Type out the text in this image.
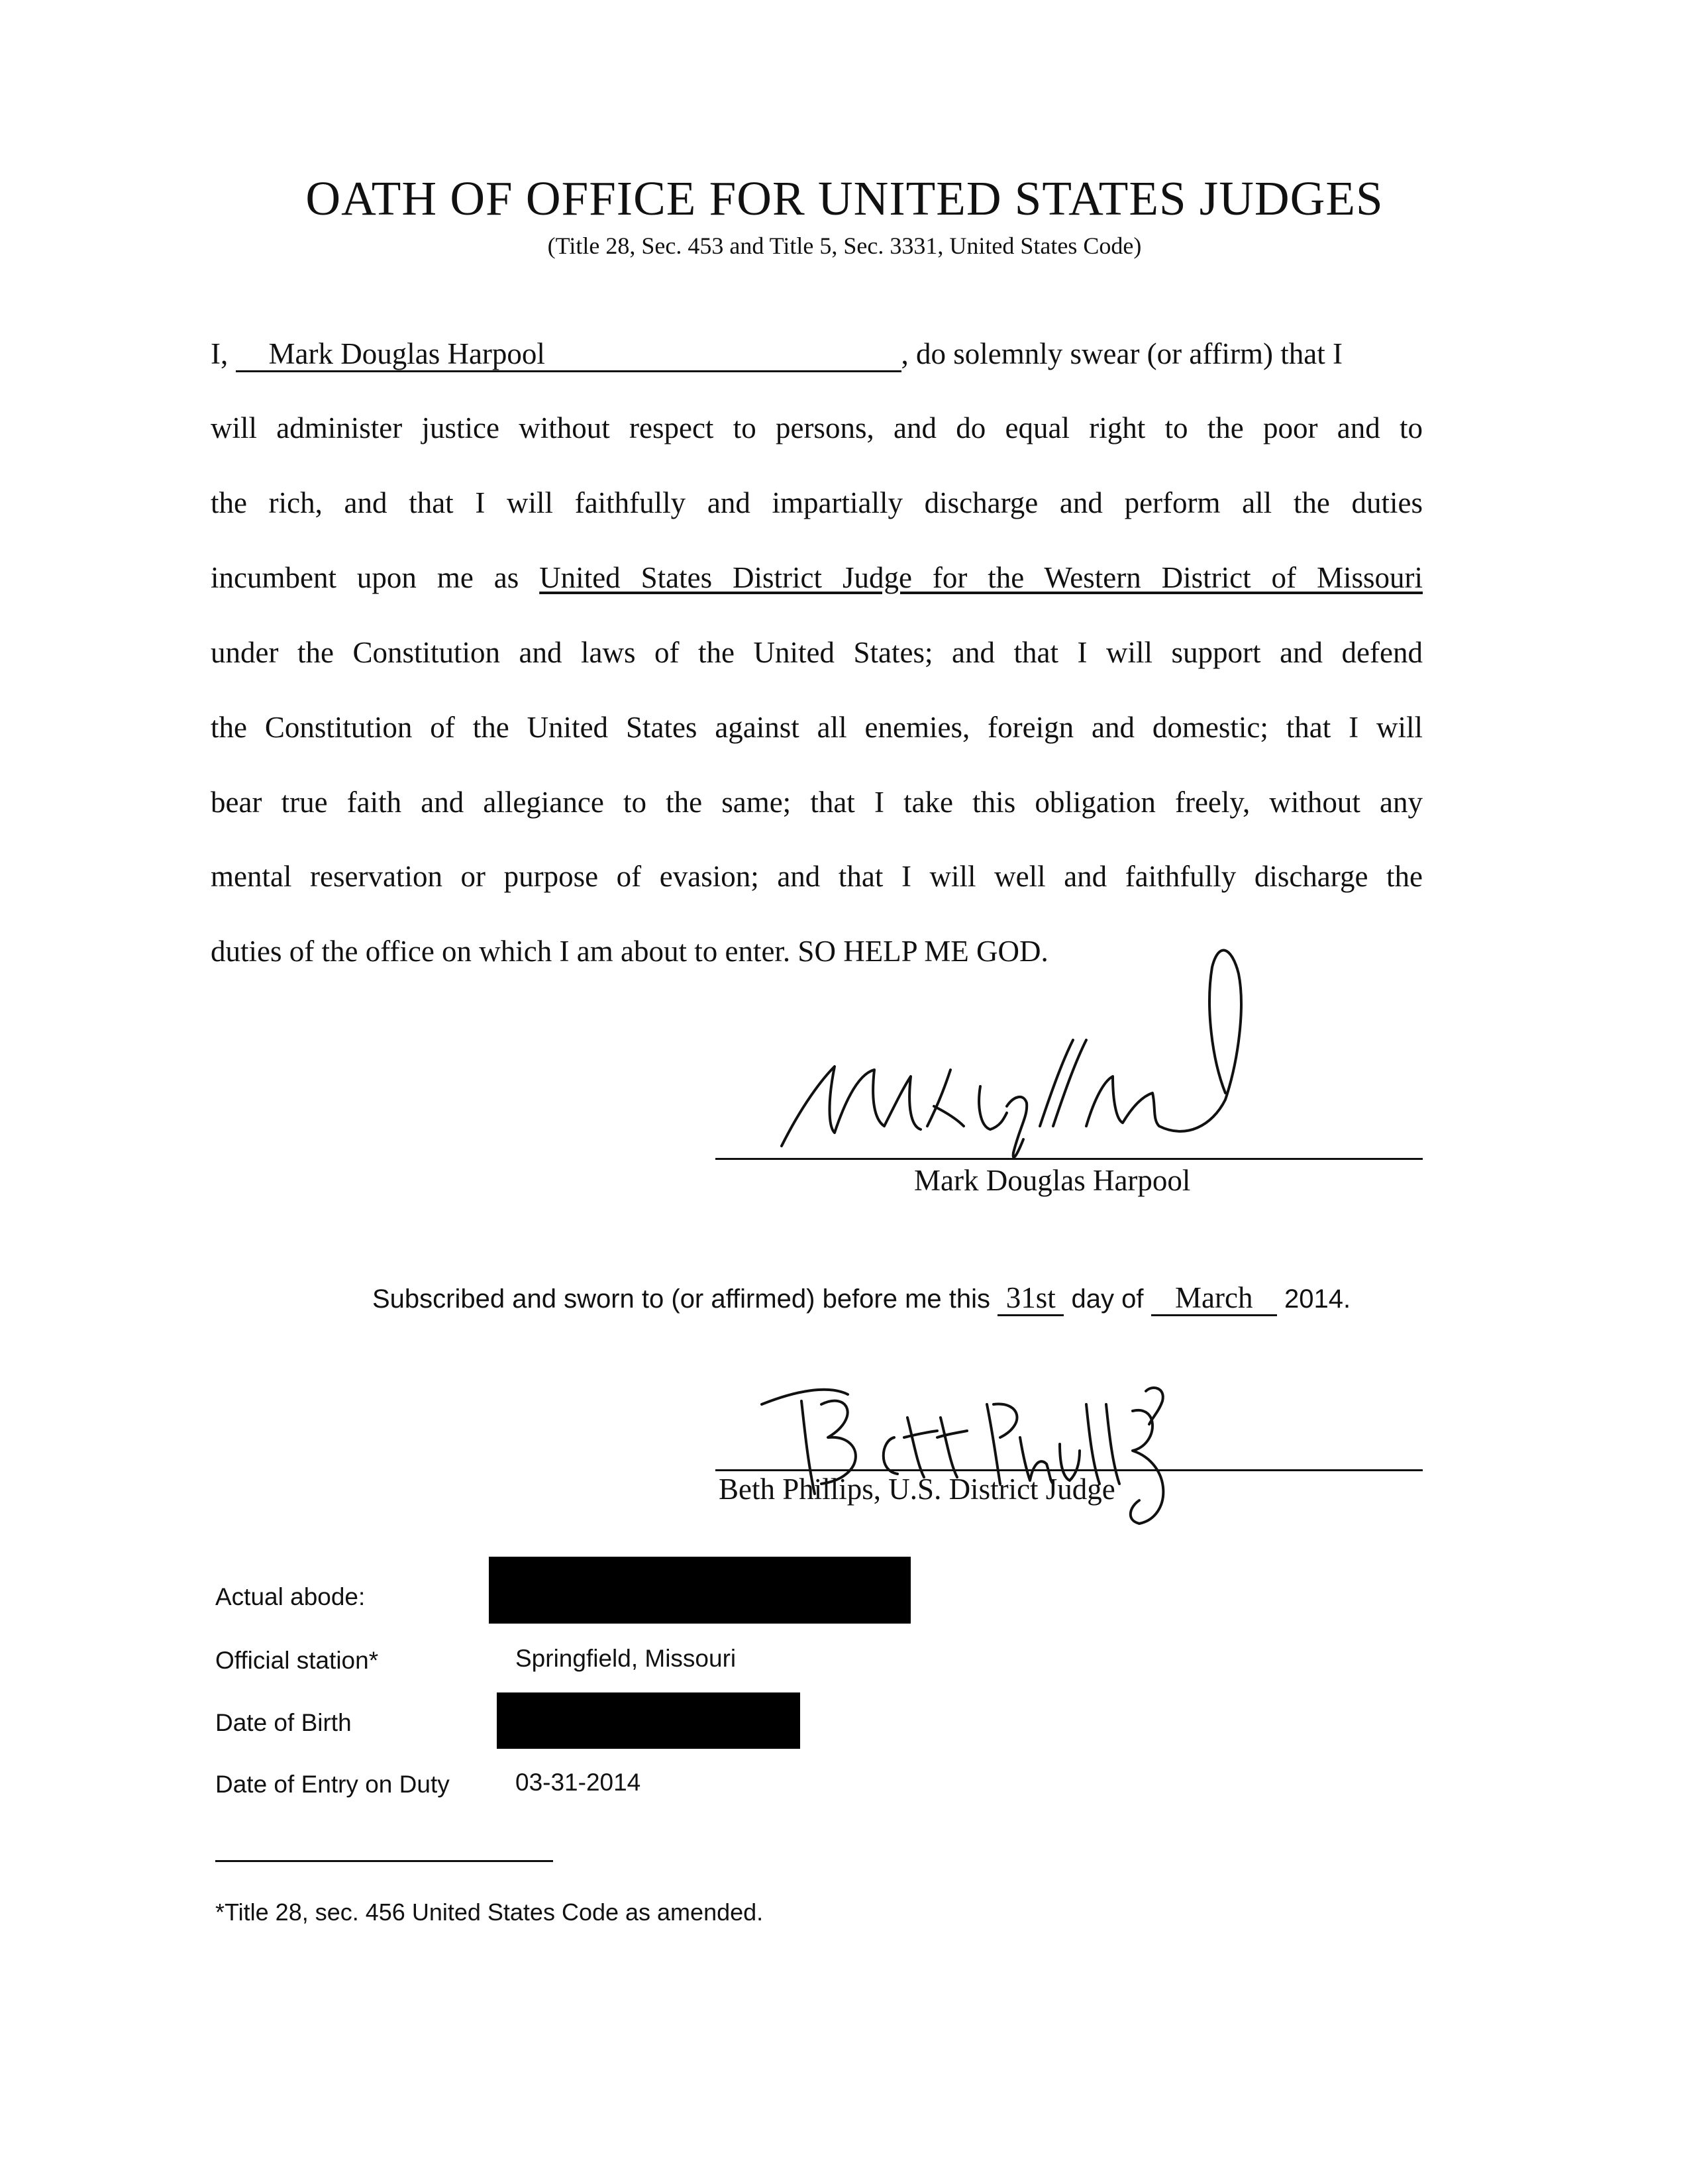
OATH OF OFFICE FOR UNITED STATES JUDGES
(Title 28, Sec. 453 and Title 5, Sec. 3331, United States Code)
I, Mark Douglas Harpool	, do solemnly swear (or affirm) that I
will administer justice without respect to persons, and do equal right to the poor and to
the rich, and that I will faithfully and impartially discharge and perform all the duties
incumbent upon me as United States District Judge for the Western District of Missouri
under the Constitution and laws of the United States; and that I will support and defend
the Constitution of the United States against all enemies, foreign and domestic; that I will
bear true faith and allegiance to the same; that I take this obligation freely, without any
mental reservation or purpose of evasion; and that I will well and faithfully discharge the
duties of the office on which I am about to enter. SO HELP ME GOD.
Mark Douglas Harpool
Subscribed and sworn to (or affirmed) before me this 31st day of March 2014.
Beth Phillips, U.S. District Judge
Actual abode:
Official station*	Springfield, Missouri
Date of Birth
Date of Entry on Duty	03-31-2014
*Title 28, sec. 456 United States Code as amended.
